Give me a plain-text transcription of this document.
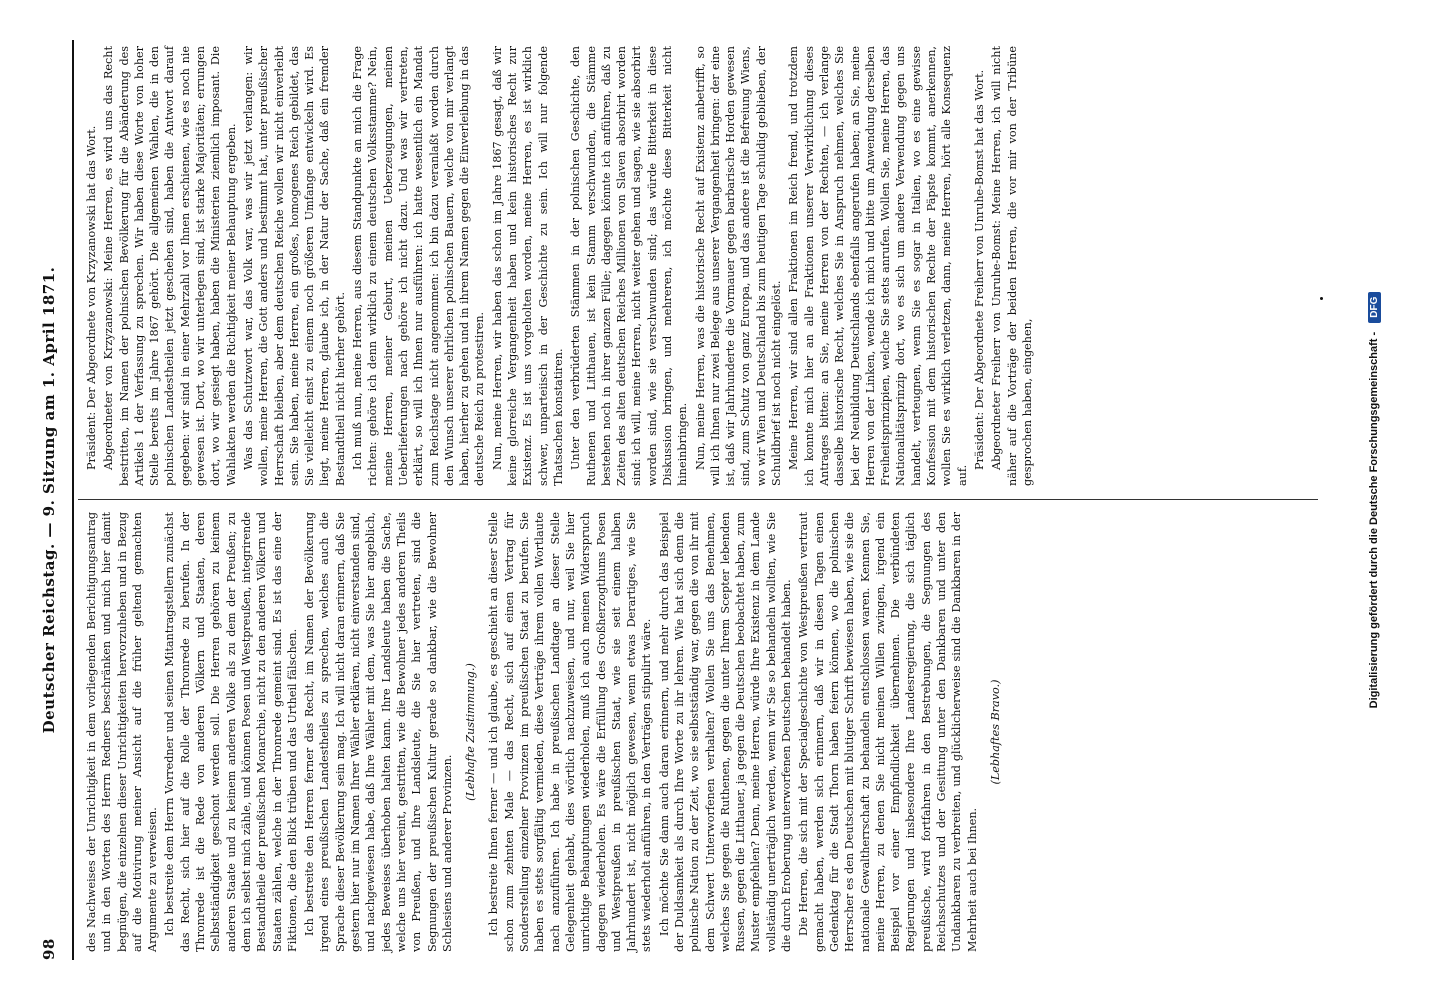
98
Deutscher Reichstag. — 9. Sitzung am 1. April 1871. des Nachweises der Unrichtigkeit in dem vorliegenden Berichtigungsantrag und in den Worten des Herrn Redners beschränken und mich hier damit begnügen, die einzelnen dieser Unrichtigkeiten hervorzuheben und in Bezug auf die Motivirung meiner Ansicht auf die früher geltend gemachten Argumente zu verweisen. Ich bestreite dem Herrn Vorredner und seinen Mitantragstellern zunächst das Recht, sich hier auf die Rolle der Thronrede zu berufen. In der Thronrede ist die Rede von anderen Völkern und Staaten, deren Selbstständigkeit geschont werden soll. Die Herren gehören zu keinem anderen Staate und zu keinem anderen Volke als zu dem der Preußen; zu dem ich selbst mich zähle, und können Posen und Westpreußen, integrirende Bestandtheile der preußischen Monarchie, nicht zu den anderen Völkern und Staaten zählen, welche in der Thronrede gemeint sind. Es ist das eine der Fiktionen, die den Blick trüben und das Urtheil fälschen. Ich bestreite den Herren ferner das Recht, im Namen der Bevölkerung irgend eines preußischen Landestheiles zu sprechen, welches auch die Sprache dieser Bevölkerung sein mag. Ich will nicht daran erinnern, daß Sie gestern hier nur im Namen Ihrer Wähler erklären, nicht einverstanden sind, und nachgewiesen habe, daß Ihre Wähler mit dem, was Sie hier angeblich, jedes Beweises überhoben halten kann. Ihre Landsleute haben die Sache, welche uns hier vereint, gestritten, wie die Bewohner jedes anderen Theils von Preußen, und Ihre Landsleute, die Sie hier vertreten, sind die Segnungen der preußischen Kultur gerade so dankbar, wie die Bewohner Schlesiens und anderer Provinzen.

(Lebhafte Zustimmung.) Ich bestreite Ihnen ferner — und ich glaube, es geschieht an dieser Stelle schon zum zehnten Male — das Recht, sich auf einen Vertrag für Sonderstellung einzelner Provinzen im preußischen Staat zu berufen. Sie haben es stets sorgfältig vermieden, diese Verträge ihrem vollen Wortlaute nach anzuführen. Ich habe in preußischen Landtage an dieser Stelle Gelegenheit gehabt, dies wörtlich nachzuweisen, und nur, weil Sie hier unrichtige Behauptungen wiederholen, muß ich auch meinen Widerspruch dagegen wiederholen. Es wäre die Erfüllung des Großherzogthums Posen und Westpreußen in preußischen Staat, wie sie seit einem halben Jahrhundert ist, nicht möglich gewesen, wenn etwas Derartiges, wie Sie stets wiederholt anführen, in den Verträgen stipulirt wäre. Ich möchte Sie dann auch daran erinnern, und mehr durch das Beispiel der Duldsamkeit als durch Ihre Worte zu ihr lehren. Wie hat sich denn die polnische Nation zu der Zeit, wo sie selbstständig war, gegen die von ihr mit dem Schwert Unterworfenen verhalten? Wollen Sie uns das Benehmen, welches Sie gegen die Ruthenen, gegen die unter Ihrem Scepter lebenden Russen, gegen die Litthauer, ja gegen die Deutschen beobachtet haben, zum Muster empfehlen? Denn, meine Herren, würde Ihre Existenz in dem Lande vollständig unerträglich werden, wenn wir Sie so behandeln wollten, wie Sie die durch Eroberung unterworfenen Deutschen behandelt haben. Die Herren, die sich mit der Specialgeschichte von Westpreußen vertraut gemacht haben, werden sich erinnern, daß wir in diesen Tagen einen Gedenktag für die Stadt Thorn haben feiern können, wo die polnischen Herrscher es den Deutschen mit blutiger Schrift bewiesen haben, wie sie die nationale Gewaltherrschaft zu behandeln entschlossen waren. Kennen Sie, meine Herren, zu denen Sie nicht meinen Willen zwingen, irgend ein Beispiel vor einer Empfindlichkeit übernehmen. Die verbündeten Regierungen und insbesondere Ihre Landesregierung, die sich täglich preußische, wird fortfahren in den Bestrebungen, die Segnungen des Reichsschutzes und der Gesittung unter den Dankbaren und unter den Undankbaren zu verbreiten, und glücklicherweise sind die Dankbaren in der Mehrheit auch bei Ihnen.

(Lebhaftes Bravo.)

Präsident: Der Abgeordnete von Krzyzanowski hat das Wort. Abgeordneter von Krzyzanowski: Meine Herren, es wird uns das Recht bestritten, im Namen der polnischen Bevölkerung für die Abänderung des Artikels 1 der Verfassung zu sprechen. Wir haben diese Worte von hoher Stelle bereits im Jahre 1867 gehört. Die allgemeinen Wahlen, die in den polnischen Landestheilen jetzt geschehen sind, haben die Antwort darauf gegeben: wir sind in einer Mehrzahl vor Ihnen erschienen, wie es noch nie gewesen ist. Dort, wo wir unterlegen sind, ist starke Majoritäten; errungen dort, wo wir gesiegt haben, haben die Ministerien ziemlich imposant. Die Wahlakten werden die Richtigkeit meiner Behauptung ergeben. Was das Schutzwort war, das Volk war, was wir jetzt verlangen: wir wollen, meine Herren, die Gott anders und bestimmt hat, unter preußischer Herrschaft bleiben, aber dem deutschen Reiche wollen wir nicht einverleibt sein. Sie haben, meine Herren, ein großes, homogenes Reich gebildet, das Sie vielleicht einst zu einem noch größeren Umfange entwickeln wird. Es liegt, meine Herren, glaube ich, in der Natur der Sache, daß ein fremder Bestandtheil nicht hierher gehört. Ich muß nun, meine Herren, aus diesem Standpunkte an mich die Frage richten: gehöre ich denn wirklich zu einem deutschen Volksstamme? Nein, meine Herren, meiner Geburt, meinen Ueberzeugungen, meinen Ueberlieferungen nach gehöre ich nicht dazu. Und was wir vertreten, erklärt, so will ich Ihnen nur ausführen: ich hatte wesentlich ein Mandat zum Reichstage nicht angenommen: ich bin dazu veranlaßt worden durch den Wunsch unserer ehrlichen polnischen Bauern, welche von mir verlangt haben, hierher zu gehen und in ihrem Namen gegen die Einverleibung in das deutsche Reich zu protestiren. Nun, meine Herren, wir haben das schon im Jahre 1867 gesagt, daß wir keine glorreiche Vergangenheit haben und kein historisches Recht zur Existenz. Es ist uns vorgeholten worden, meine Herren, es ist wirklich schwer, unparteiisch in der Geschichte zu sein. Ich will nur folgende Thatsachen konstatiren. Unter den verbrüderten Stämmen in der polnischen Geschichte, den Ruthenen und Litthauen, ist kein Stamm verschwunden, die Stämme bestehen noch in ihrer ganzen Fülle; dagegen könnte ich anführen, daß zu Zeiten des alten deutschen Reiches Millionen von Slaven absorbirt worden sind: ich will, meine Herren, nicht weiter gehen und sagen, wie sie absorbirt worden sind, wie sie verschwunden sind; das würde Bitterkeit in diese Diskussion bringen, und mehreren, ich möchte diese Bitterkeit nicht hineinbringen. Nun, meine Herren, was die historische Recht auf Existenz anbetrifft, so will ich Ihnen nur zwei Belege aus unserer Vergangenheit bringen: der eine ist, daß wir Jahrhunderte die Vormauer gegen barbarische Horden gewesen sind, zum Schutz von ganz Europa, und das andere ist die Befreiung Wiens, wo wir Wien und Deutschland bis zum heutigen Tage schuldig geblieben, der Schuldbrief ist noch nicht eingelöst. Meine Herren, wir sind allen Fraktionen im Reich fremd, und trotzdem ich konnte mich hier an alle Fraktionen unserer Verwirklichung dieses Antrages bitten: an Sie, meine Herren von der Rechten, — ich verlange dasselbe historische Recht, welches Sie in Anspruch nehmen, welches Sie bei der Neubildung Deutschlands ebenfalls angerufen haben; an Sie, meine Herren von der Linken, wende ich mich und bitte um Anwendung derselben Freiheitsprinzipien, welche Sie stets anrufen. Wollen Sie, meine Herren, das Nationalitätsprinzip dort, wo es sich um andere Verwendung gegen uns handelt, verteugnen, wenn Sie es sogar in Italien, wo es eine gewisse Konfession mit dem historischen Rechte der Päpste kommt, anerkennen, wollen Sie es wirklich verletzen, dann, meine Herren, hört alle Konsequenz auf.

Präsident: Der Abgeordnete Freiherr von Unruhe-Bomst hat das Wort. Abgeordneter Freiherr von Unruhe-Bomst: Meine Herren, ich will nicht näher auf die Vorträge der beiden Herren, die vor mir von der Tribüne gesprochen haben, eingehen,	Digitalisierung gefördert durch die Deutsche Forschungsgemeinschaft - DFG
